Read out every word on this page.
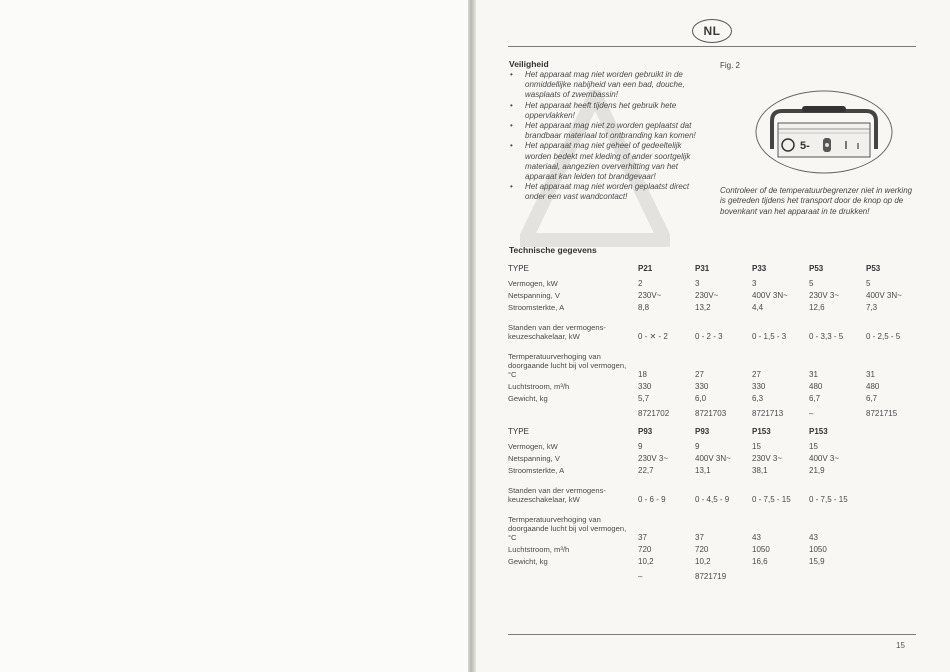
NL
Veiligheid
• Het apparaat mag niet worden gebruikt in de onmiddellijke nabijheid van een bad, douche, wasplaats of zwembassin!
• Het apparaat heeft tijdens het gebruik hete oppervlakken!
• Het apparaat mag niet zo worden geplaatst dat brandbaar materiaal tot ontbranding kan komen!
• Het apparaat mag niet geheel of gedeeltelijk worden bedekt met kleding of ander soortgelijk materiaal, aangezien oververhitting van het apparaat kan leiden tot brandgevaar!
• Het apparaat mag niet worden geplaatst direct onder een vast wandcontact!
Fig. 2
5-
Controleer of de temperatuurbegrenzer niet in werking is getreden tijdens het transport door de knop op de bovenkant van het apparaat in te drukken!
Technische gegevens
TYPE	P21	P31	P33	P53	P53
Vermogen, kW	2	3	3	5	5
Netspanning, V	230V~	230V~	400V 3N~	230V 3~	400V 3N~
Stroomsterkte, A	8,8	13,2	4,4	12,6	7,3
Standen van der vermogens-keuzeschakelaar, kW	0 - ✕ - 2	0 - 2 - 3	0 - 1,5 - 3	0 - 3,3 - 5	0 - 2,5 - 5
Termperatuurverhoging van doorgaande lucht bij vol vermogen, °C	18	27	27	31	31
Luchtstroom, m³/h	330	330	330	480	480
Gewicht, kg	5,7	6,0	6,3	6,7	6,7
	8721702	8721703	8721713	–	8721715
TYPE	P93	P93	P153	P153
Vermogen, kW	9	9	15	15
Netspanning, V	230V 3~	400V 3N~	230V 3~	400V 3~
Stroomsterkte, A	22,7	13,1	38,1	21,9
Standen van der vermogens-keuzeschakelaar, kW	0 - 6 - 9	0 - 4,5 - 9	0 - 7,5 - 15	0 - 7,5 - 15
Termperatuurverhoging van doorgaande lucht bij vol vermogen, °C	37	37	43	43
Luchtstroom, m³/h	720	720	1050	1050
Gewicht, kg	10,2	10,2	16,6	15,9
	–	8721719		
15
